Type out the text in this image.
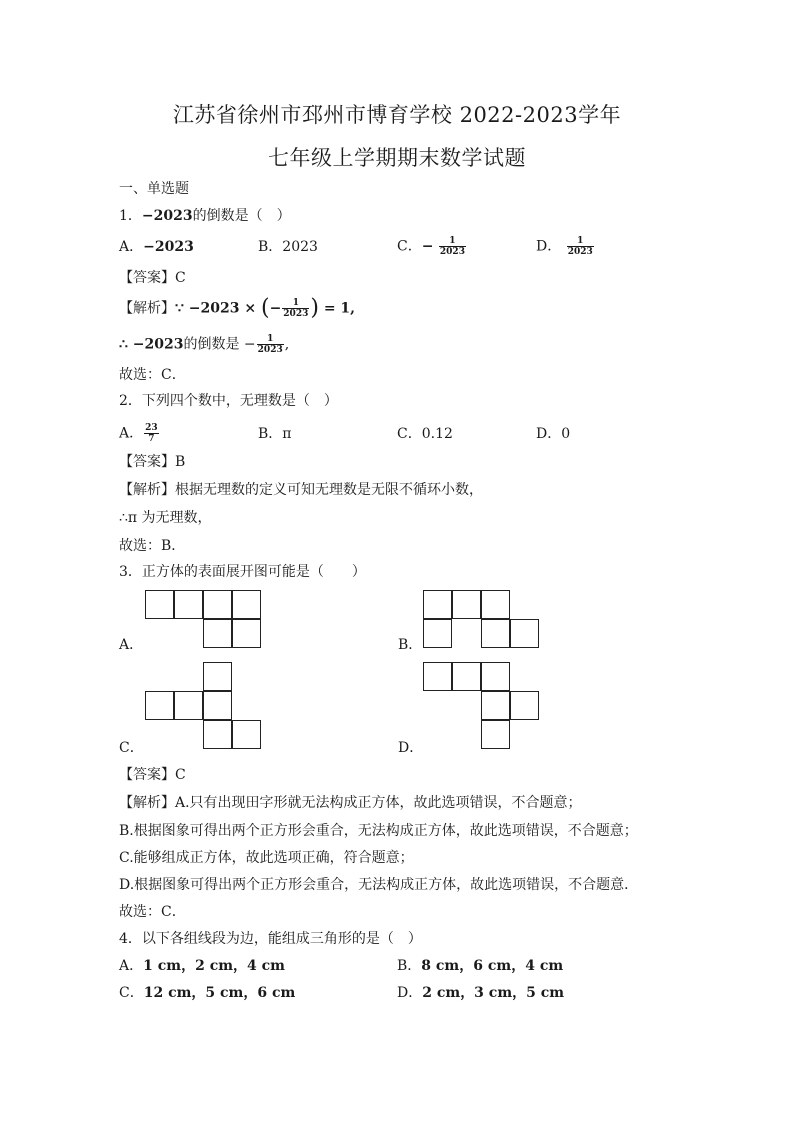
江苏省徐州市邳州市博育学校 2022-2023学年
七年级上学期期末数学试题
一、单选题
1．−2023的倒数是（　）
A．−2023	B．2023	C．− $\frac{1}{2023}$	D． $\frac{1}{2023}$
【答案】C
【解析】∵ −2023 × (− $\frac{1}{2023}$ ) = 1,
∴ −2023的倒数是 − $\frac{1}{2023}$ ,
故选：C．
2．下列四个数中，无理数是（　）
A． $\frac{23}{7}$	B．π	C．0.12	D．0
【答案】B
【解析】根据无理数的定义可知无理数是无限不循环小数，
∴π 为无理数，
故选：B．
3．正方体的表面展开图可能是（　　）
A．	B．
C．	D．
【答案】C
【解析】A.只有出现田字形就无法构成正方体，故此选项错误，不合题意；
B.根据图象可得出两个正方形会重合，无法构成正方体，故此选项错误，不合题意；
C.能够组成正方体，故此选项正确，符合题意；
D.根据图象可得出两个正方形会重合，无法构成正方体，故此选项错误，不合题意．
故选：C．
4．以下各组线段为边，能组成三角形的是（　）
A．1 cm，2 cm，4 cm	B．8 cm，6 cm，4 cm
C．12 cm，5 cm，6 cm	D．2 cm，3 cm，5 cm
